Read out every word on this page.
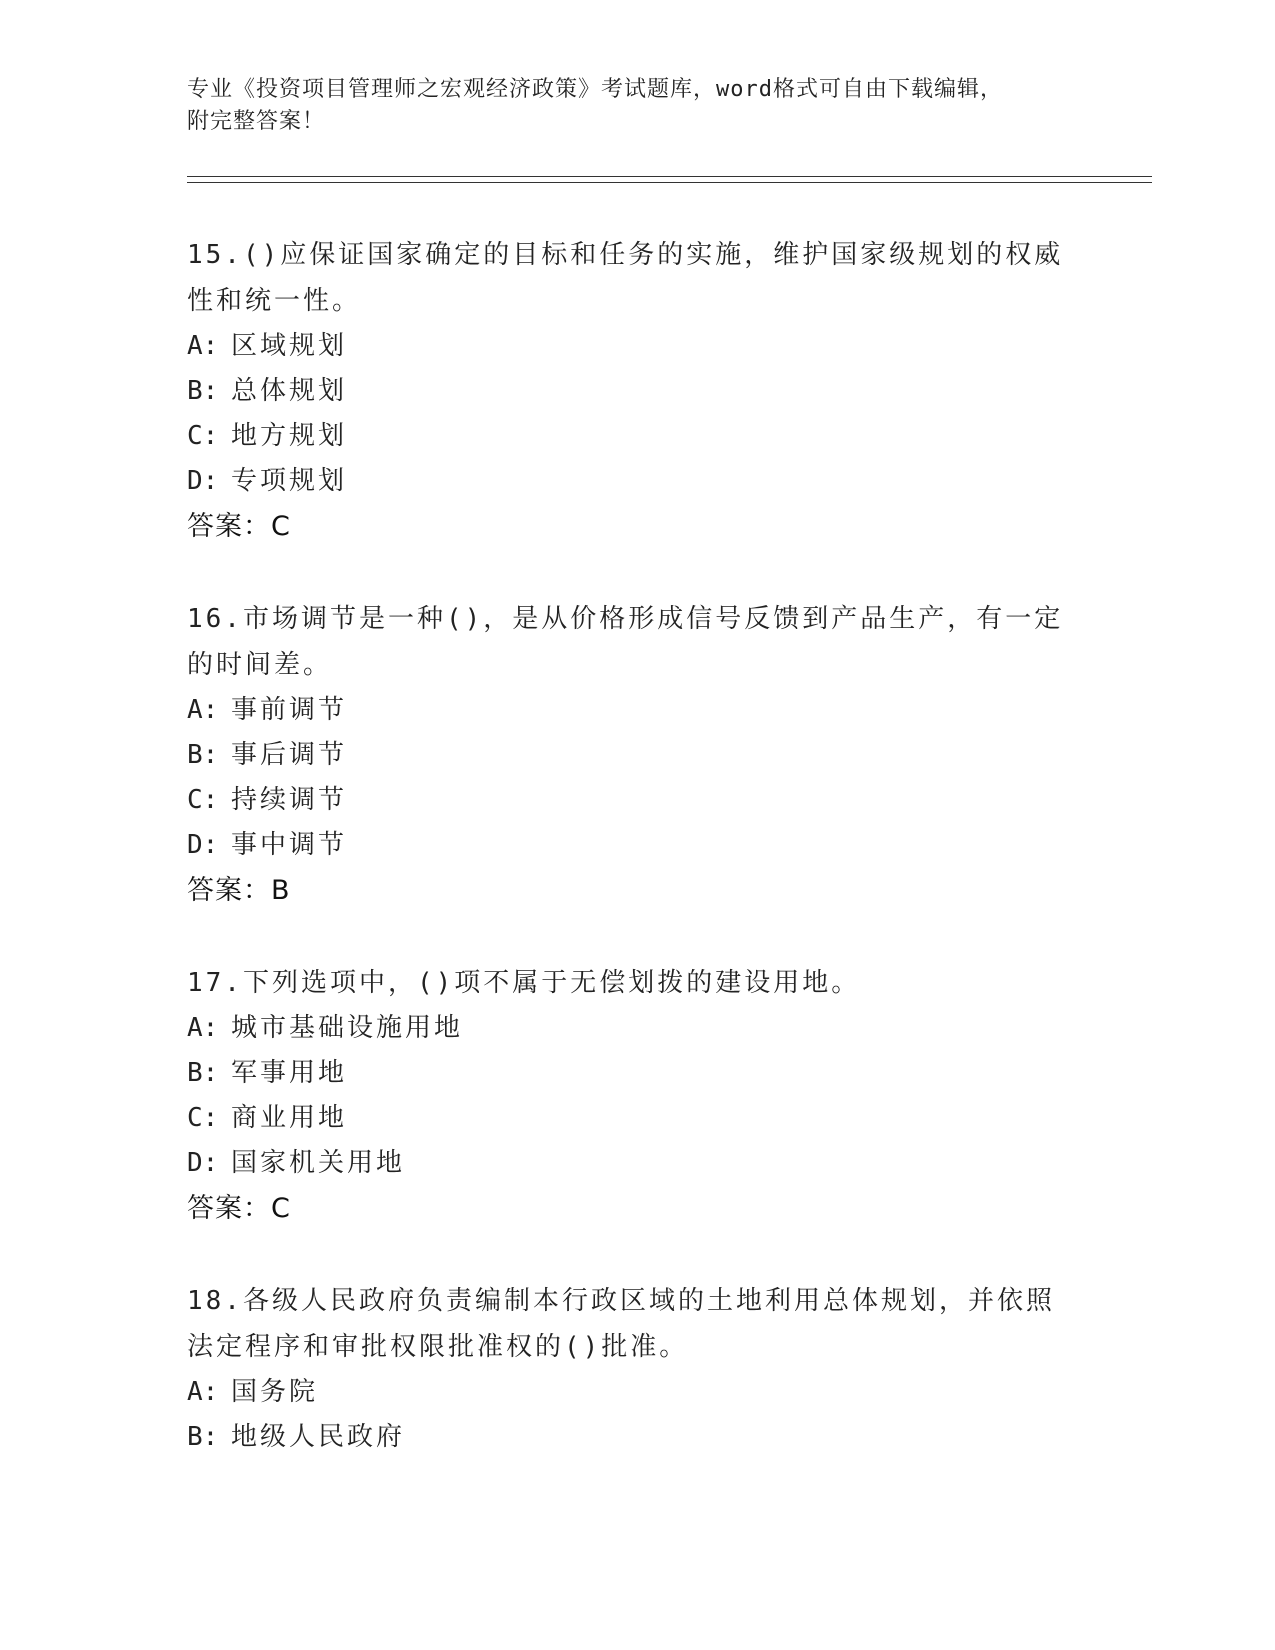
专业《投资项目管理师之宏观经济政策》考试题库，word格式可自由下载编辑，
附完整答案！

15.()应保证国家确定的目标和任务的实施，维护国家级规划的权威性和统一性。

A: 区域规划

B: 总体规划

C: 地方规划

D: 专项规划

答案：C

16.市场调节是一种()，是从价格形成信号反馈到产品生产，有一定的时间差。

A: 事前调节

B: 事后调节

C: 持续调节

D: 事中调节

答案：B

17.下列选项中，()项不属于无偿划拨的建设用地。

A: 城市基础设施用地

B: 军事用地

C: 商业用地

D: 国家机关用地

答案：C

18.各级人民政府负责编制本行政区域的土地利用总体规划，并依照法定程序和审批权限批准权的()批准。

A: 国务院

B: 地级人民政府
